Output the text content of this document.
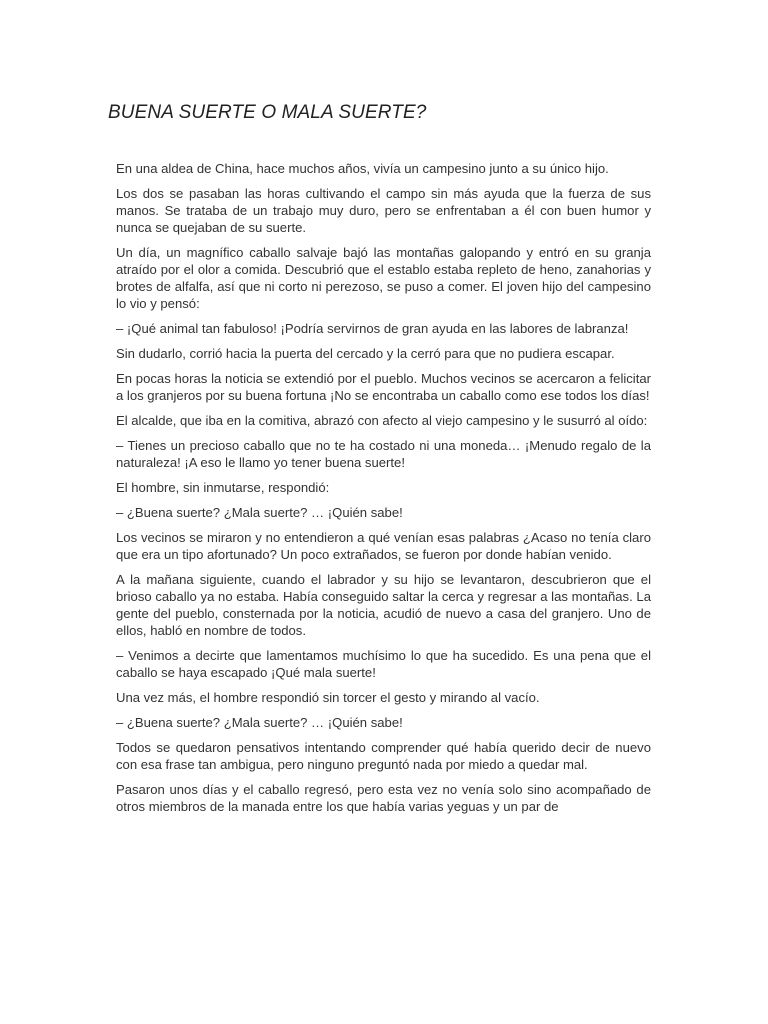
BUENA SUERTE O MALA SUERTE?

En una aldea de China, hace muchos años, vivía un campesino junto a su único hijo.

Los dos se pasaban las horas cultivando el campo sin más ayuda que la fuerza de sus manos. Se trataba de un trabajo muy duro, pero se enfrentaban a él con buen humor y nunca se quejaban de su suerte.

Un día, un magnífico caballo salvaje bajó las montañas galopando y entró en su granja atraído por el olor a comida. Descubrió que el establo estaba repleto de heno, zanahorias y brotes de alfalfa, así que ni corto ni perezoso, se puso a comer. El joven hijo del campesino lo vio y pensó:

– ¡Qué animal tan fabuloso! ¡Podría servirnos de gran ayuda en las labores de labranza!

Sin dudarlo, corrió hacia la puerta del cercado y la cerró para que no pudiera escapar.

En pocas horas la noticia se extendió por el pueblo. Muchos vecinos se acercaron a felicitar a los granjeros por su buena fortuna ¡No se encontraba un caballo como ese todos los días!

El alcalde, que iba en la comitiva, abrazó con afecto al viejo campesino y le susurró al oído:

– Tienes un precioso caballo que no te ha costado ni una moneda… ¡Menudo regalo de la naturaleza! ¡A eso le llamo yo tener buena suerte!

El hombre, sin inmutarse, respondió:

– ¿Buena suerte? ¿Mala suerte? … ¡Quién sabe!

Los vecinos se miraron y no entendieron a qué venían esas palabras ¿Acaso no tenía claro que era un tipo afortunado? Un poco extrañados, se fueron por donde habían venido.

A la mañana siguiente, cuando el labrador y su hijo se levantaron, descubrieron que el brioso caballo ya no estaba. Había conseguido saltar la cerca y regresar a las montañas. La gente del pueblo, consternada por la noticia, acudió de nuevo a casa del granjero. Uno de ellos, habló en nombre de todos.

– Venimos a decirte que lamentamos muchísimo lo que ha sucedido. Es una pena que el caballo se haya escapado ¡Qué mala suerte!

Una vez más, el hombre respondió sin torcer el gesto y mirando al vacío.

– ¿Buena suerte? ¿Mala suerte? … ¡Quién sabe!

Todos se quedaron pensativos intentando comprender qué había querido decir de nuevo con esa frase tan ambigua, pero ninguno preguntó nada por miedo a quedar mal.

Pasaron unos días y el caballo regresó, pero esta vez no venía solo sino acompañado de otros miembros de la manada entre los que había varias yeguas y un par de
